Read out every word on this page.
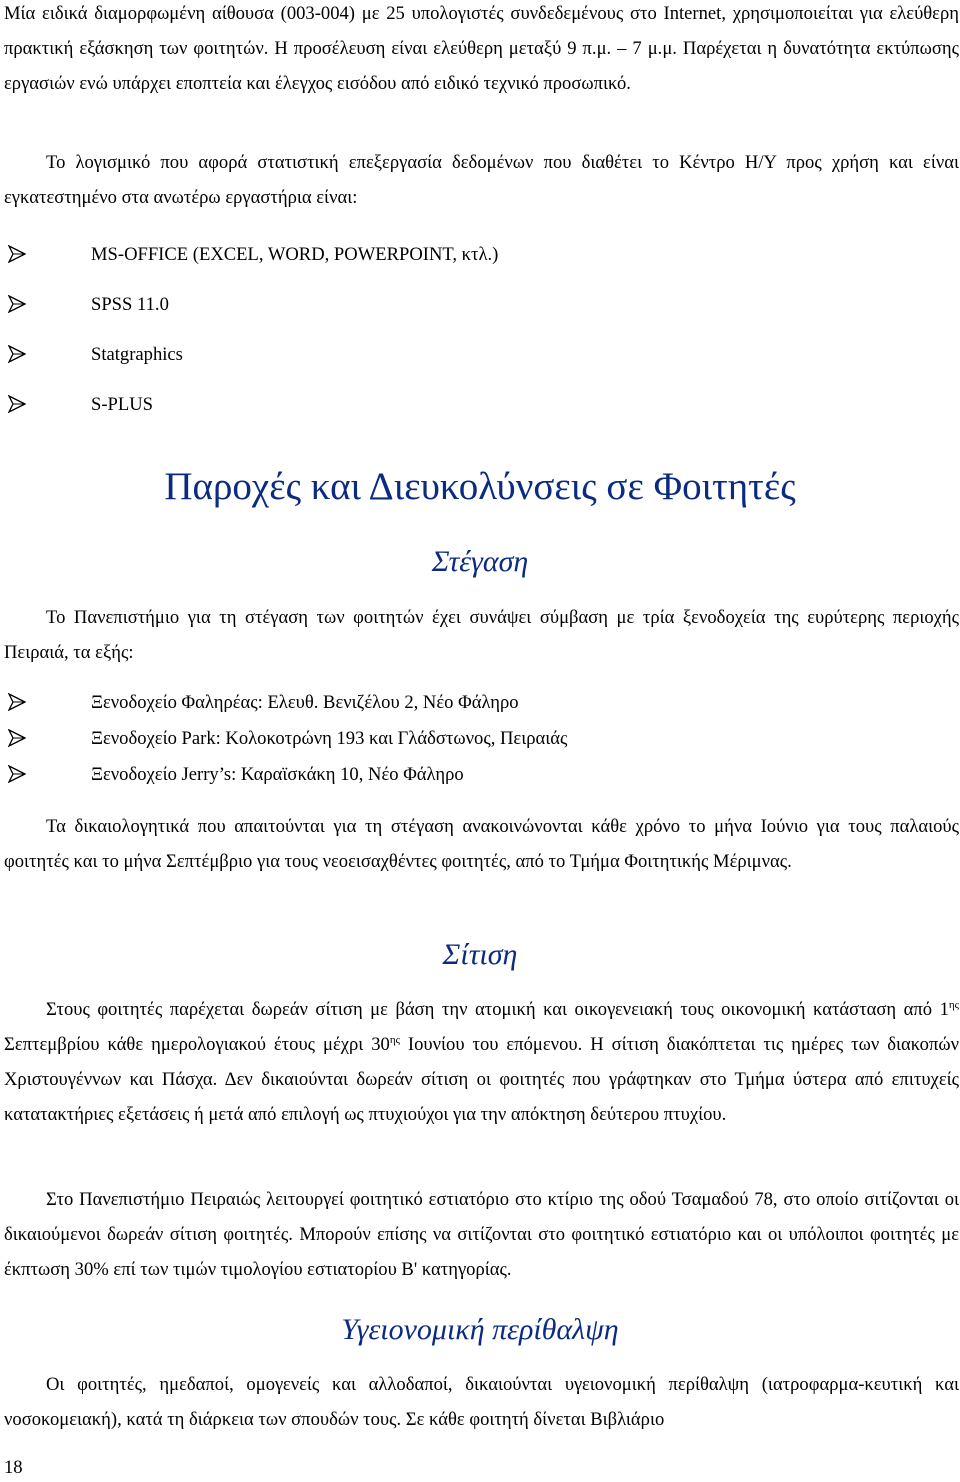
Μία ειδικά διαμορφωμένη αίθουσα (003-004) με 25 υπολογιστές συνδεδεμένους στο Internet, χρησιμοποιείται για ελεύθερη πρακτική εξάσκηση των φοιτητών. Η προσέλευση είναι ελεύθερη μεταξύ 9 π.μ. – 7 μ.μ. Παρέχεται η δυνατότητα εκτύπωσης εργασιών ενώ υπάρχει εποπτεία και έλεγχος εισόδου από ειδικό τεχνικό προσωπικό.

Το λογισμικό που αφορά στατιστική επεξεργασία δεδομένων που διαθέτει το Κέντρο Η/Υ προς χρήση και είναι εγκατεστημένο στα ανωτέρω εργαστήρια είναι:

MS-OFFICE (EXCEL, WORD, POWERPOINT, κτλ.)
SPSS 11.0
Statgraphics
S-PLUS
Παροχές και Διευκολύνσεις σε Φοιτητές
Στέγαση

Το Πανεπιστήμιο για τη στέγαση των φοιτητών έχει συνάψει σύμβαση με τρία ξενοδοχεία της ευρύτερης περιοχής Πειραιά, τα εξής:

Ξενοδοχείο Φαληρέας: Ελευθ. Βενιζέλου 2, Νέο Φάληρο
Ξενοδοχείο Park: Κολοκοτρώνη 193 και Γλάδστωνος, Πειραιάς
Ξενοδοχείο Jerry’s: Καραϊσκάκη 10, Νέο Φάληρο

Τα δικαιολογητικά που απαιτούνται για τη στέγαση ανακοινώνονται κάθε χρόνο το μήνα Ιούνιο για τους παλαιούς φοιτητές και το μήνα Σεπτέμβριο για τους νεοεισαχθέντες φοιτητές, από το Τμήμα Φοιτητικής Μέριμνας.

Σίτιση

Στους φοιτητές παρέχεται δωρεάν σίτιση με βάση την ατομική και οικογενειακή τους οικονομική κατάσταση από $1^{\eta\varsigma}$ Σεπτεμβρίου κάθε ημερολογιακού έτους μέχρι $30^{\eta\varsigma}$ Ιουνίου του επόμενου. Η σίτιση διακόπτεται τις ημέρες των διακοπών Χριστουγέννων και Πάσχα. Δεν δικαιούνται δωρεάν σίτιση οι φοιτητές που γράφτηκαν στο Τμήμα ύστερα από επιτυχείς κατατακτήριες εξετάσεις ή μετά από επιλογή ως πτυχιούχοι για την απόκτηση δεύτερου πτυχίου.

Στο Πανεπιστήμιο Πειραιώς λειτουργεί φοιτητικό εστιατόριο στο κτίριο της οδού Τσαμαδού 78, στο οποίο σιτίζονται οι δικαιούμενοι δωρεάν σίτιση φοιτητές. Μπορούν επίσης να σιτίζονται στο φοιτητικό εστιατόριο και οι υπόλοιποι φοιτητές με έκπτωση 30% επί των τιμών τιμολογίου εστιατορίου Β' κατηγορίας.

Υγειονομική περίθαλψη

Οι φοιτητές, ημεδαποί, ομογενείς και αλλοδαποί, δικαιούνται υγειονομική περίθαλψη (ιατροφαρμα-κευτική και νοσοκομειακή), κατά τη διάρκεια των σπουδών τους. Σε κάθε φοιτητή δίνεται Βιβλιάριο

18
